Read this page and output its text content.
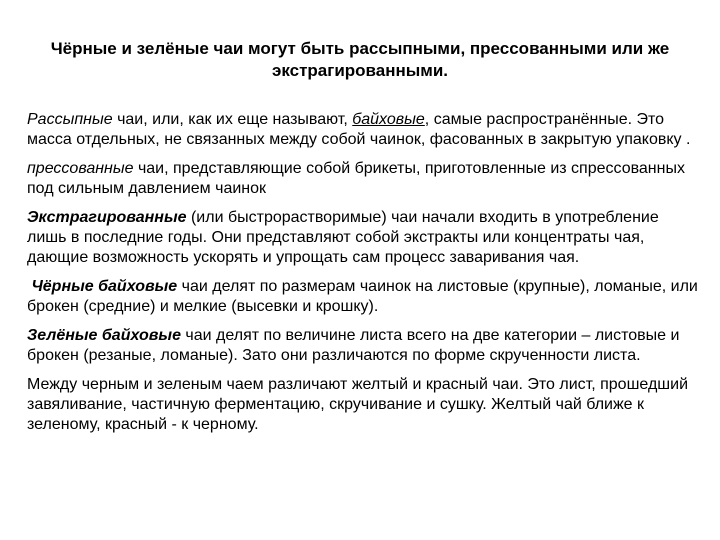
Чёрные и зелёные чаи могут быть рассыпными, прессованными или же экстрагированными.

Рассыпные чаи, или, как их еще называют, байховые, самые распространённые. Это масса отдельных, не связанных между собой чаинок, фасованных в закрытую упаковку .

прессованные чаи, представляющие собой брикеты, приготовленные из спрессованных под сильным давлением чаинок

Экстрагированные (или быстрорастворимые) чаи начали входить в употребление лишь в последние годы. Они представляют собой экстракты или концентраты чая, дающие возможность ускорять и упрощать сам процесс заваривания чая.

Чёрные байховые чаи делят по размерам чаинок на листовые (крупные), ломаные, или брокен (средние) и мелкие (высевки и крошку).

Зелёные байховые чаи делят по величине листа всего на две категории – листовые и брокен (резаные, ломаные). Зато они различаются по форме скрученности листа.

Между черным и зеленым чаем различают желтый и красный чаи. Это лист, прошедший завяливание, частичную ферментацию, скручивание и сушку. Желтый чай ближе к зеленому, красный - к черному.
